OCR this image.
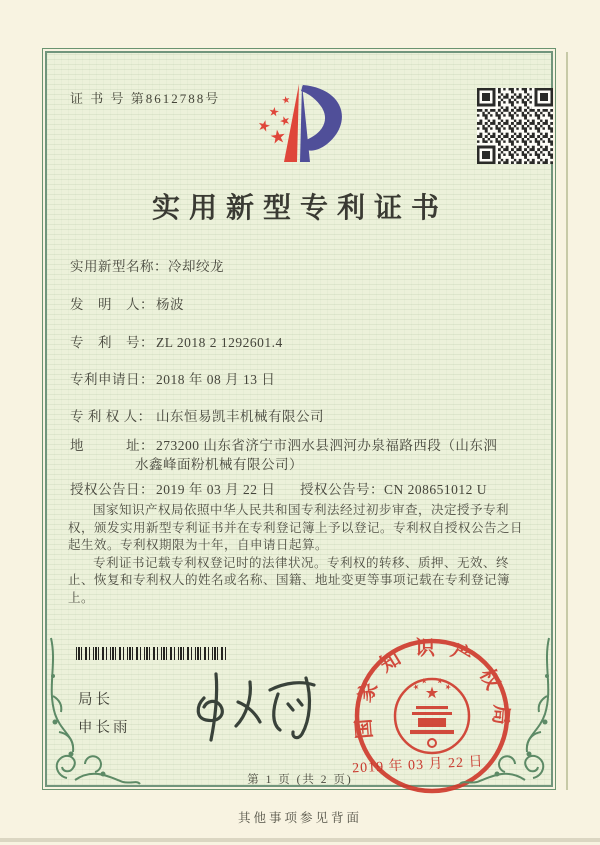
证 书 号 第8612788号
实用新型专利证书
实用新型名称：冷却绞龙
发　明　人： 杨波
专　利　号： ZL 2018 2 1292601.4
专利申请日： 2018 年 08 月 13 日
专 利 权 人： 山东恒易凯丰机械有限公司
地　　　址： 273200 山东省济宁市泗水县泗河办泉福路西段（山东泗
水鑫峰面粉机械有限公司）
授权公告日： 2019 年 03 月 22 日 授权公告号：CN 208651012 U

国家知识产权局依照中华人民共和国专利法经过初步审查，决定授予专利权，颁发实用新型专利证书并在专利登记簿上予以登记。专利权自授权公告之日起生效。专利权期限为十年，自申请日起算。

专利证书记载专利权登记时的法律状况。专利权的转移、质押、无效、终止、恢复和专利权人的姓名或名称、国籍、地址变更等事项记载在专利登记簿上。

局长
申长雨	国家知识产权局
2019 年 03 月 22 日
第 1 页 (共 2 页)
其他事项参见背面
